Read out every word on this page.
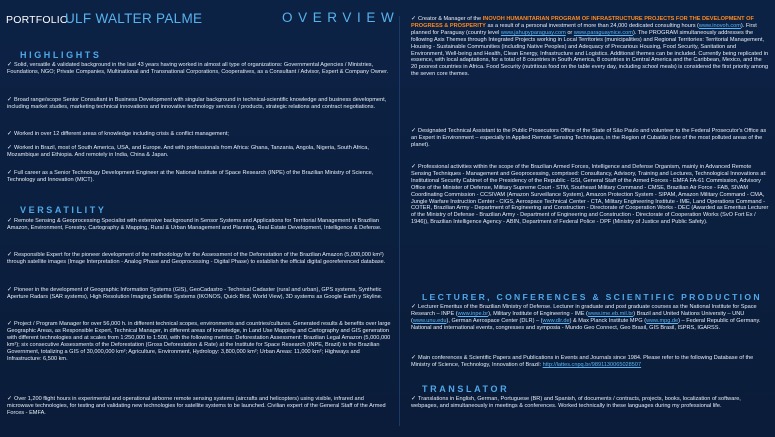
PORTFOLIO
ULF WALTER PALME	OVERVIEW
HIGHLIGHTS
✓ Solid, versatile & validated background in the last 43 years having worked in almost all type of organizations: Governmental Agencies / Ministries, Foundations, NGO; Private Companies, Multinational and Transnational Corporations, Cooperatives, as a Consultant / Advisor, Expert & Company Owner.
✓ Broad range/scope Senior Consultant in Business Development with singular background in technical-scientific knowledge and business development, including market studies, marketing technical innovations and innovative technology services / products, strategic relations and contract negotiations.
✓ Worked in over 12 different areas of knowledge including crisis & conflict management;
✓ Worked in Brazil, most of South America, USA, and Europe. And with professionals from Africa: Ghana, Tanzania, Angola, Nigeria, South Africa, Mozambique and Ethiopia. And remotely in India, China & Japan.
✓ Full career as a Senior Technology Development Engineer at the National Institute of Space Research (INPE) of the Brazilian Ministry of Science, Technology and Innovation (MICT).
VERSATILITY
✓ Remote Sensing & Geoprocessing Specialist with extensive background in Sensor Systems and Applications for Territorial Management in Brazilian Amazon, Environment, Forestry, Cartography & Mapping, Rural & Urban Management and Planning, Real Estate Development, Intelligence & Defense.
✓ Responsible Expert for the pioneer development of the methodology for the Assessment of the Deforestation of the Brazilian Amazon (5,000,000 km²) through satellite images (Image Interpretation - Analog Phase and Geoprocessing - Digital Phase) to establish the official digital georeferenced database.
✓ Pioneer in the development of Geographic Information Systems (GIS), GeoCadastro - Technical Cadaster (rural and urban), GPS systems, Synthetic Aperture Radars (SAR systems), High Resolution Imaging Satellite Systems (IKONOS, Quick Bird, World View), 3D systems as Google Earth y Skyline.
✓ Project / Program Manager for over 56,000 h. in different technical scopes, environments and countries/cultures. Generated results & benefits over large Geographic Areas, as Responsible Expert, Technical Manager, in different areas of knowledge, in Land Use Mapping and Cartography and GIS generation with different technologies and at scales from 1:250,000 to 1:500, with the following metrics: Deforestation Assessment: Brazilian Legal Amazon (5,000,000 km²); six consecutive Assessments of the Deforestation (Gross Deforestation & Rate) at the Institute for Space Research (INPE, Brazil) to the Brazilian Government, totalizing a GIS of 30,000,000 km²; Agriculture, Environment, Hydrology: 3,800,000 km²; Urban Areas: 11,000 km²; Highways and Infrastructure: 6,500 km.
✓ Over 1,200 flight hours in experimental and operational airborne remote sensing systems (aircrafts and helicopters) using visible, infrared and microwave technologies, for testing and validating new technologies for satellite systems to be launched. Civilian expert of the General Staff of the Armed Forces - EMFA.
✓ Creator & Manager of the INOVOH HUMANITARIAN PROGRAM OF INFRASTRUCTURE PROJECTS FOR THE DEVELOPMENT OF PROGRESS & PROSPERITY as a result of a personal investment of more than 24,000 dedicated consulting hours (www.inovoh.com). First planned for Paraguay (country level www.jahupyparaguay.com or www.paraguaynice.com). The PROGRAM simultaneously addresses the following Axis Themes through Integrated Projects working in Local Territories (municipalities) and Regional Territories: Territorial Management, Housing - Sustainable Communities (including Native Peoples) and Adequacy of Precarious Housing, Food Security, Sanitation and Environment, Well-being and Health, Clean Energy, Infrastructure and Logistics. Additional themes can be included. Currently being replicated in essence, with local adaptations, for a total of 8 countries in South America, 8 countries in Central America and the Caribbean, Mexico, and the 20 poorest countries in Africa. Food Security (nutritious food on the table every day, including school meals) is considered the first priority among the seven core themes.
✓ Designated Technical Assistant to the Public Prosecutors Office of the State of São Paulo and volunteer to the Federal Prosecutor's Office as an Expert in Environment – especially in Applied Remote Sensing Techniques, in the Region of Cubatão (one of the most polluted areas of the planet).
✓ Professional activities within the scope of the Brazilian Armed Forces, Intelligence and Defense Organism, mainly in Advanced Remote Sensing Techniques - Management and Geoprocessing, comprised: Consultancy, Advisory, Training and Lectures, Technological Innovations at: Institutional Security Cabinet of the Presidency of the Republic - GSI, General Staff of the Armed Forces - EMFA FA-61 Commission, Advisory Office of the Minister of Defense, Military Supreme Court - STM, Southeast Military Command - CMSE, Brazilian Air Force - FAB, SIVAM Coordinating Commission - CCSIVAM (Amazon Surveillance System), Amazon Protection System - SIPAM, Amazon Military Command - CMA, Jungle Warfare Instruction Center - CIGS, Aerospace Technical Center - CTA, Military Engineering Institute - IME, Land Operations Command - COTER, Brazilian Army - Department of Engineering and Construction - Directorate of Cooperation Works - DEC (Awarded as Emeritus Lecturer of the Ministry of Defense - Brazilian Army - Department of Engineering and Construction - Directorate of Cooperation Works (SvO Fort Ex / 1946)), Brazilian Intelligence Agency - ABIN, Department of Federal Police - DPF (Ministry of Justice and Public Safety).
LECTURER, CONFERENCES & SCIENTIFIC PRODUCTION
✓ Lecturer Emeritus of the Brazilian Ministry of Defense. Lecturer in graduate and post graduate courses as the National Institute for Space Research – INPE (www.inpe.br), Military Institute of Engineering - IME (www.ime.eb.mil.br) Brazil and United Nations University – UNU (www.unu.edu), German Aerospace Center (DLR) – (www.dlr.de) & Max Planck Institute MPG (www.mpg.de) – Federal Republic of Germany. National and international events, congresses and symposia - Mundo Geo Connect, Geo Brasil, GIS Brasil, ISPRS, IGARSS.
✓ Main conferences & Scientific Papers and Publications in Events and Journals since 1984. Please refer to the following Database of the Ministry of Science, Technology, Innovation of Brazil: http://lattes.cnpq.br/9891130065028507
TRANSLATOR
✓ Translations in English, German, Portuguese (BR) and Spanish, of documents / contracts, projects, books, localization of software, webpages, and simultaneously in meetings & conferences. Worked technically in these languages during my professional life.
